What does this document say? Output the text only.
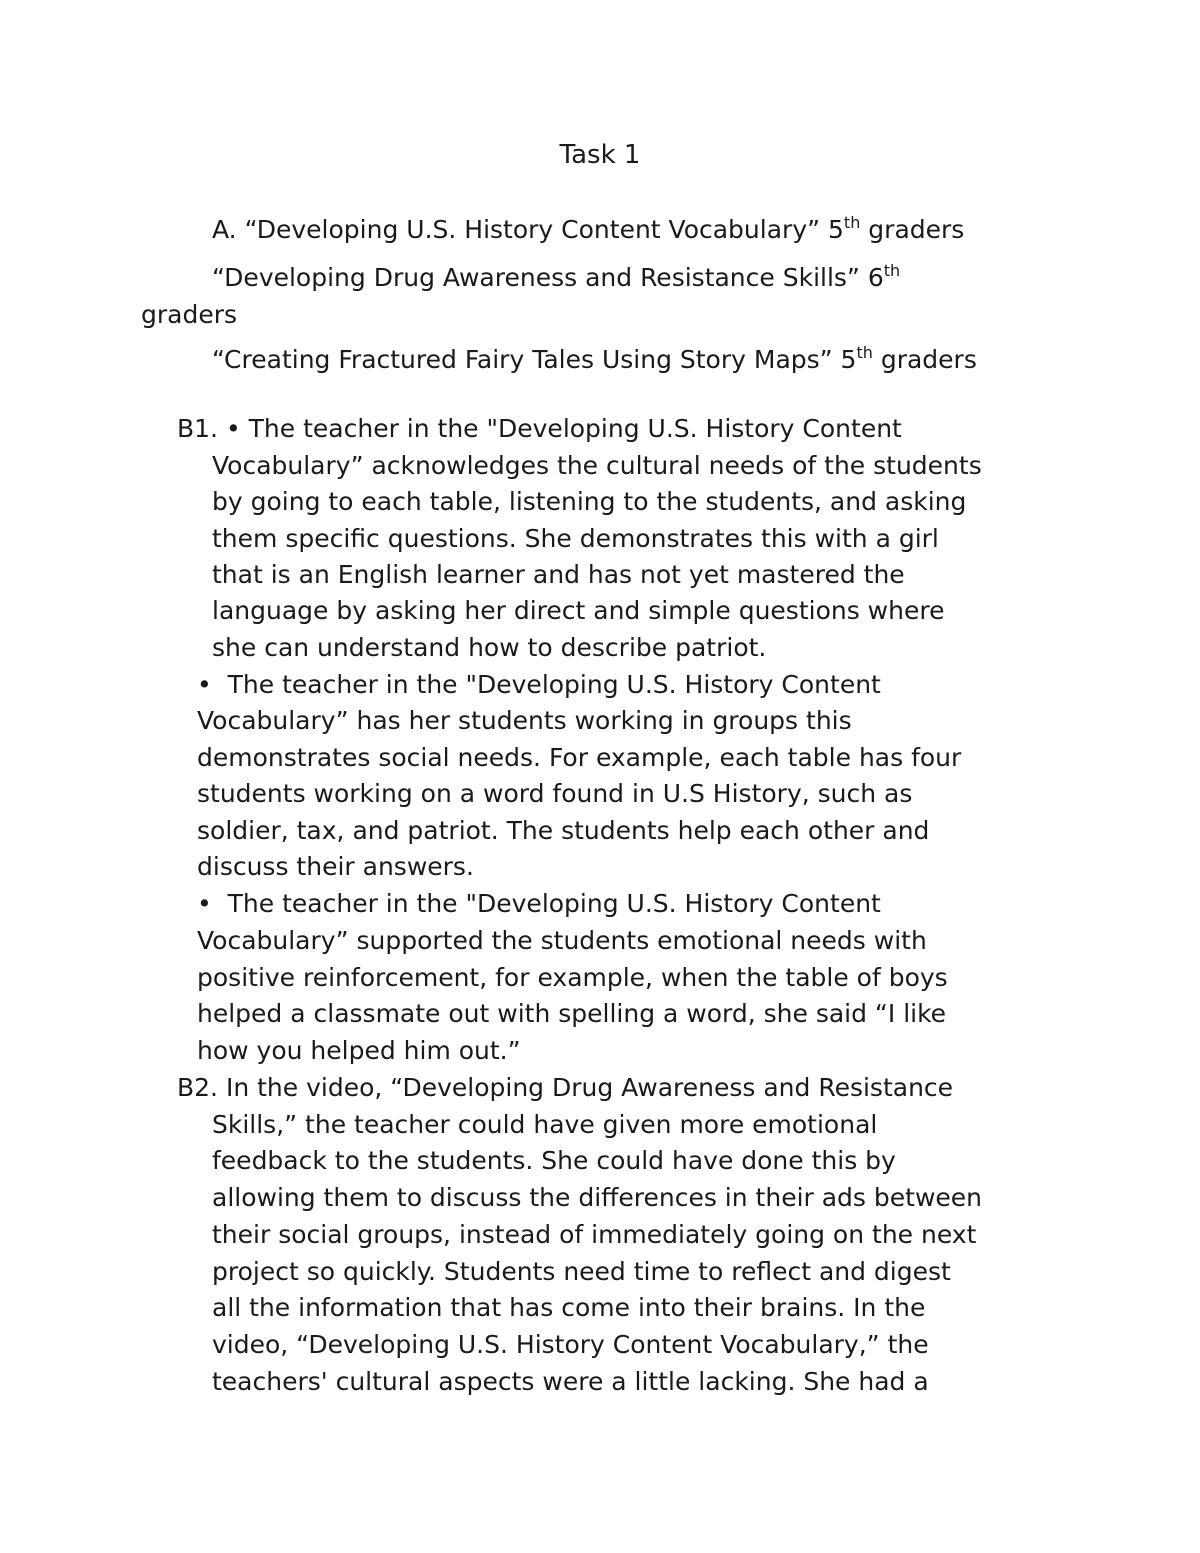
Task 1
A. “Developing U.S. History Content Vocabulary” 5th graders
“Developing Drug Awareness and Resistance Skills” 6th
graders
“Creating Fractured Fairy Tales Using Story Maps” 5th graders
B1. • The teacher in the "Developing U.S. History Content
Vocabulary” acknowledges the cultural needs of the students
by going to each table, listening to the students, and asking
them specific questions. She demonstrates this with a girl
that is an English learner and has not yet mastered the
language by asking her direct and simple questions where
she can understand how to describe patriot.
• The teacher in the "Developing U.S. History Content
Vocabulary” has her students working in groups this
demonstrates social needs. For example, each table has four
students working on a word found in U.S History, such as
soldier, tax, and patriot. The students help each other and
discuss their answers.
• The teacher in the "Developing U.S. History Content
Vocabulary” supported the students emotional needs with
positive reinforcement, for example, when the table of boys
helped a classmate out with spelling a word, she said “I like
how you helped him out.”
B2. In the video, “Developing Drug Awareness and Resistance
Skills,” the teacher could have given more emotional
feedback to the students. She could have done this by
allowing them to discuss the differences in their ads between
their social groups, instead of immediately going on the next
project so quickly. Students need time to reflect and digest
all the information that has come into their brains. In the
video, “Developing U.S. History Content Vocabulary,” the
teachers' cultural aspects were a little lacking. She had a
